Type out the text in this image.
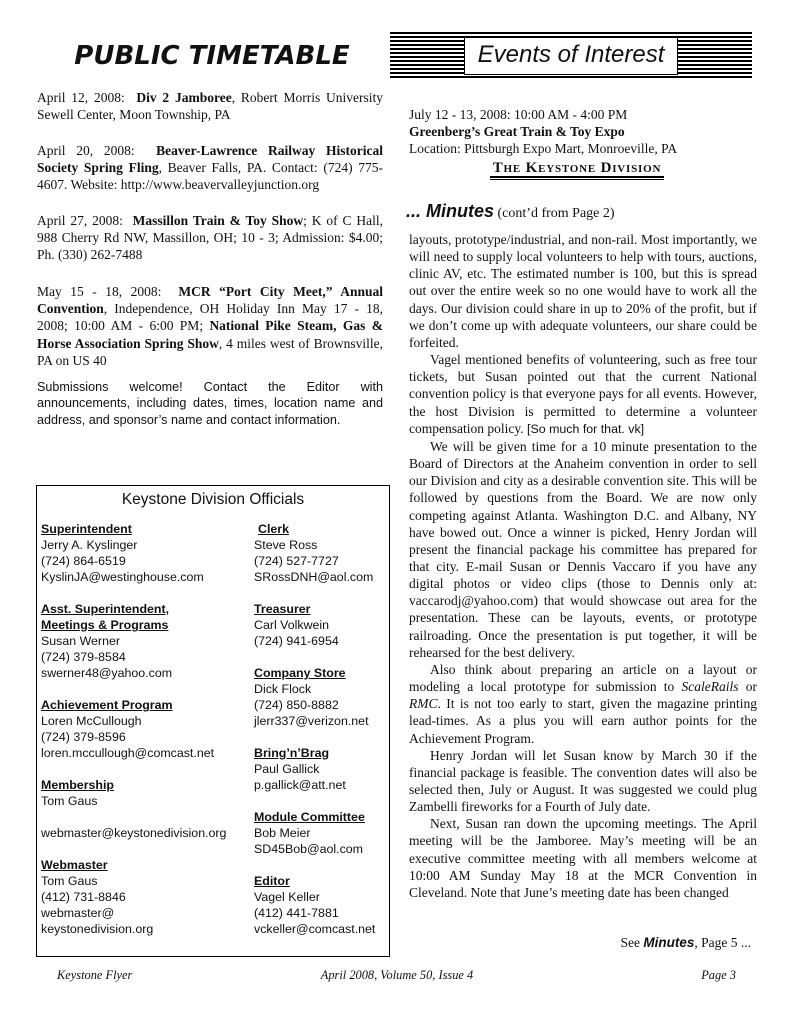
PUBLIC TIMETABLE	Events of Interest

April 12, 2008: Div 2 Jamboree, Robert Morris University Sewell Center, Moon Township, PA

April 20, 2008: Beaver-Lawrence Railway Historical Society Spring Fling, Beaver Falls, PA. Contact: (724) 775-4607. Website: http://www.beavervalleyjunction.org

April 27, 2008: Massillon Train & Toy Show; K of C Hall, 988 Cherry Rd NW, Massillon, OH; 10 - 3; Admission: $4.00; Ph. (330) 262-7488

May 15 - 18, 2008: MCR “Port City Meet,” Annual Convention, Independence, OH Holiday Inn May 17 - 18, 2008; 10:00 AM - 6:00 PM; National Pike Steam, Gas & Horse Association Spring Show, 4 miles west of Brownsville, PA on US 40

Submissions welcome! Contact the Editor with announcements, including dates, times, location name and address, and sponsor’s name and contact information.
Keystone Division Officials
Superintendent
Jerry A. Kyslinger
(724) 864-6519
KyslinJA@westinghouse.com
Asst. Superintendent,
Meetings & Programs
Susan Werner
(724) 379-8584
swerner48@yahoo.com
Achievement Program
Loren McCullough
(724) 379-8596
loren.mccullough@comcast.net
Membership
Tom Gaus
webmaster@keystonedivision.org
Webmaster
Tom Gaus
(412) 731-8846
webmaster@
keystonedivision.org
Clerk
Steve Ross
(724) 527-7727
SRossDNH@aol.com
Treasurer
Carl Volkwein
(724) 941-6954
Company Store
Dick Flock
(724) 850-8882
jlerr337@verizon.net
Bring’n’Brag
Paul Gallick
p.gallick@att.net
Module Committee
Bob Meier
SD45Bob@aol.com
Editor
Vagel Keller
(412) 441-7881
vckeller@comcast.net

July 12 - 13, 2008: 10:00 AM - 4:00 PM

Greenberg’s Great Train & Toy Expo

Location: Pittsburgh Expo Mart, Monroeville, PA

The Keystone Division
... Minutes (cont’d from Page 2)

layouts, prototype/industrial, and non-rail. Most importantly, we will need to supply local volunteers to help with tours, auctions, clinic AV, etc. The estimated number is 100, but this is spread out over the entire week so no one would have to work all the days. Our division could share in up to 20% of the profit, but if we don’t come up with adequate volunteers, our share could be forfeited.

Vagel mentioned benefits of volunteering, such as free tour tickets, but Susan pointed out that the current National convention policy is that everyone pays for all events. However, the host Division is permitted to determine a volunteer compensation policy. [So much for that. vk]

We will be given time for a 10 minute presentation to the Board of Directors at the Anaheim convention in order to sell our Division and city as a desirable convention site. This will be followed by questions from the Board. We are now only competing against Atlanta. Washington D.C. and Albany, NY have bowed out. Once a winner is picked, Henry Jordan will present the financial package his committee has prepared for that city. E-mail Susan or Dennis Vaccaro if you have any digital photos or video clips (those to Dennis only at: vaccarodj@yahoo.com) that would showcase out area for the presentation. These can be layouts, events, or prototype railroading. Once the presentation is put together, it will be rehearsed for the best delivery.

Also think about preparing an article on a layout or modeling a local prototype for submission to ScaleRails or RMC. It is not too early to start, given the magazine printing lead-times. As a plus you will earn author points for the Achievement Program.

Henry Jordan will let Susan know by March 30 if the financial package is feasible. The convention dates will also be selected then, July or August. It was suggested we could plug Zambelli fireworks for a Fourth of July date.

Next, Susan ran down the upcoming meetings. The April meeting will be the Jamboree. May’s meeting will be an executive committee meeting with all members welcome at 10:00 AM Sunday May 18 at the MCR Convention in Cleveland. Note that June’s meeting date has been changed

See Minutes, Page 5 ...
Keystone Flyer	April 2008, Volume 50, Issue 4	Page 3
